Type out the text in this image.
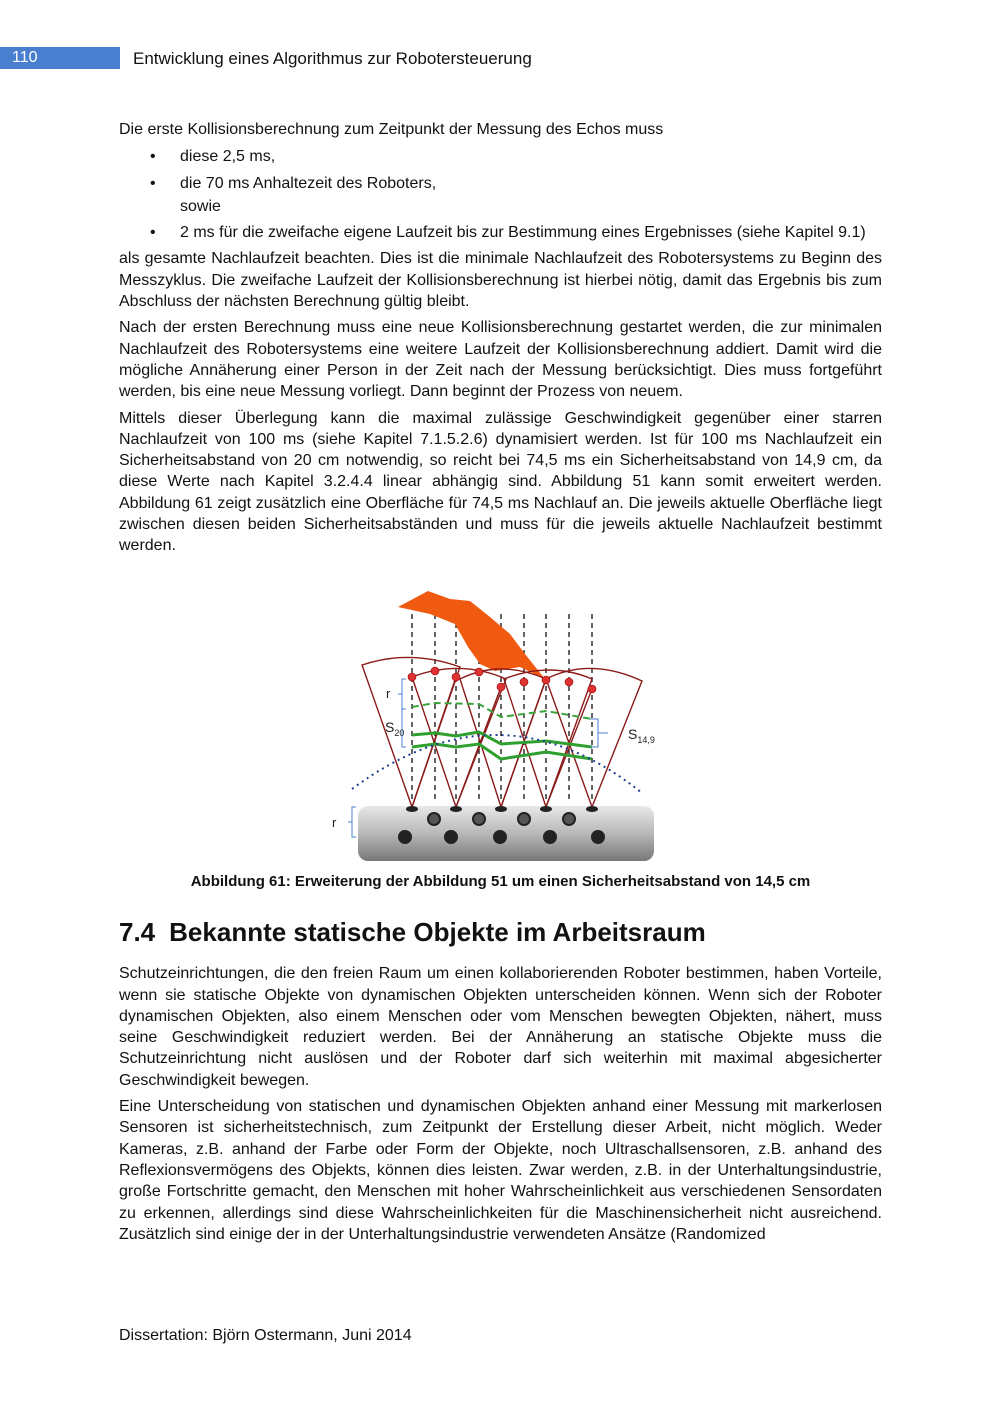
110	Entwicklung eines Algorithmus zur Robotersteuerung

Die erste Kollisionsberechnung zum Zeitpunkt der Messung des Echos muss

• diese 2,5 ms,
• die 70 ms Anhaltezeit des Roboters,
sowie
• 2 ms für die zweifache eigene Laufzeit bis zur Bestimmung eines Ergebnisses (siehe Kapitel 9.1)

als gesamte Nachlaufzeit beachten. Dies ist die minimale Nachlaufzeit des Robotersystems zu Beginn des Messzyklus. Die zweifache Laufzeit der Kollisionsberechnung ist hierbei nötig, damit das Ergebnis bis zum Abschluss der nächsten Berechnung gültig bleibt.

Nach der ersten Berechnung muss eine neue Kollisionsberechnung gestartet werden, die zur minimalen Nachlaufzeit des Robotersystems eine weitere Laufzeit der Kollisionsberechnung addiert. Damit wird die mögliche Annäherung einer Person in der Zeit nach der Messung berücksichtigt. Dies muss fortgeführt werden, bis eine neue Messung vorliegt. Dann beginnt der Prozess von neuem.

Mittels dieser Überlegung kann die maximal zulässige Geschwindigkeit gegenüber einer starren Nachlaufzeit von 100 ms (siehe Kapitel 7.1.5.2.6) dynamisiert werden. Ist für 100 ms Nachlaufzeit ein Sicherheitsabstand von 20 cm notwendig, so reicht bei 74,5 ms ein Sicherheitsabstand von 14,9 cm, da diese Werte nach Kapitel 3.2.4.4 linear abhängig sind. Abbildung 51 kann somit erweitert werden. Abbildung 61 zeigt zusätzlich eine Oberfläche für 74,5 ms Nachlauf an. Die jeweils aktuelle Oberfläche liegt zwischen diesen beiden Sicherheitsabständen und muss für die jeweils aktuelle Nachlaufzeit bestimmt werden.

r
$S_{20}$	$S_{14,9}$
r
Abbildung 61: Erweiterung der Abbildung 51 um einen Sicherheitsabstand von 14,5 cm
7.4 Bekannte statische Objekte im Arbeitsraum

Schutzeinrichtungen, die den freien Raum um einen kollaborierenden Roboter bestimmen, haben Vorteile, wenn sie statische Objekte von dynamischen Objekten unterscheiden können. Wenn sich der Roboter dynamischen Objekten, also einem Menschen oder vom Menschen bewegten Objekten, nähert, muss seine Geschwindigkeit reduziert werden. Bei der Annäherung an statische Objekte muss die Schutzeinrichtung nicht auslösen und der Roboter darf sich weiterhin mit maximal abgesicherter Geschwindigkeit bewegen.

Eine Unterscheidung von statischen und dynamischen Objekten anhand einer Messung mit markerlosen Sensoren ist sicherheitstechnisch, zum Zeitpunkt der Erstellung dieser Arbeit, nicht möglich. Weder Kameras, z.B. anhand der Farbe oder Form der Objekte, noch Ultraschallsensoren, z.B. anhand des Reflexionsvermögens des Objekts, können dies leisten. Zwar werden, z.B. in der Unterhaltungsindustrie, große Fortschritte gemacht, den Menschen mit hoher Wahrscheinlichkeit aus verschiedenen Sensordaten zu erkennen, allerdings sind diese Wahrscheinlichkeiten für die Maschinensicherheit nicht ausreichend. Zusätzlich sind einige der in der Unterhaltungsindustrie verwendeten Ansätze (Randomized

Dissertation: Björn Ostermann, Juni 2014
